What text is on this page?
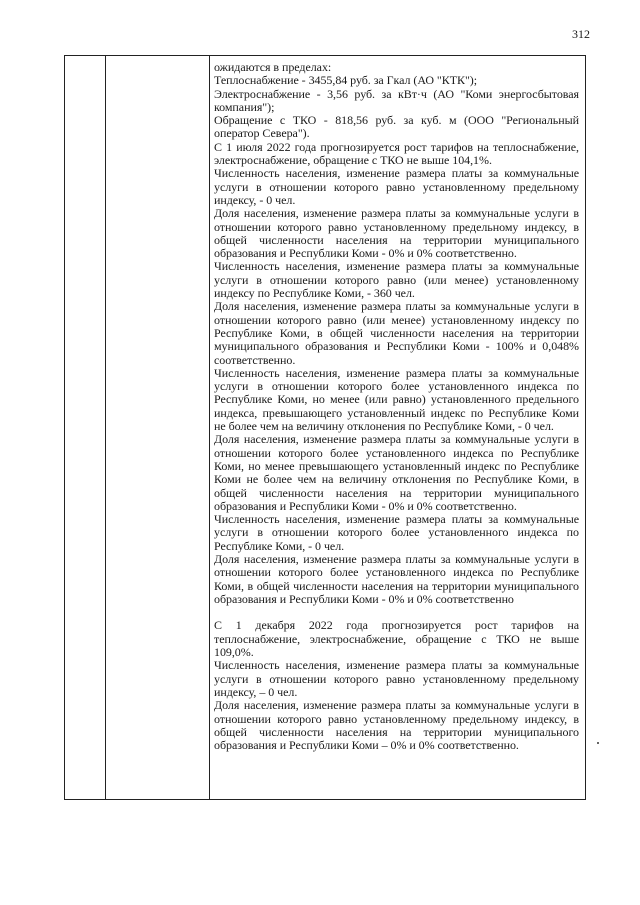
312

ожидаются в пределах:

Теплоснабжение - 3455,84 руб. за Гкал (АО "КТК");

Электроснабжение - 3,56 руб. за кВт·ч (АО "Коми энергосбытовая компания");

Обращение с ТКО - 818,56 руб. за куб. м (ООО "Региональный оператор Севера").

С 1 июля 2022 года прогнозируется рост тарифов на теплоснабжение, электроснабжение, обращение с ТКО не выше 104,1%.

Численность населения, изменение размера платы за коммунальные услуги в отношении которого равно установленному предельному индексу, - 0 чел.

Доля населения, изменение размера платы за коммунальные услуги в отношении которого равно установленному предельному индексу, в общей численности населения на территории муниципального образования и Республики Коми - 0% и 0% соответственно.

Численность населения, изменение размера платы за коммунальные услуги в отношении которого равно (или менее) установленному индексу по Республике Коми, - 360 чел.

Доля населения, изменение размера платы за коммунальные услуги в отношении которого равно (или менее) установленному индексу по Республике Коми, в общей численности населения на территории муниципального образования и Республики Коми - 100% и 0,048% соответственно.

Численность населения, изменение размера платы за коммунальные услуги в отношении которого более установленного индекса по Республике Коми, но менее (или равно) установленного предельного индекса, превышающего установленный индекс по Республике Коми не более чем на величину отклонения по Республике Коми, - 0 чел.

Доля населения, изменение размера платы за коммунальные услуги в отношении которого более установленного индекса по Республике Коми, но менее превышающего установленный индекс по Республике Коми не более чем на величину отклонения по Республике Коми, в общей численности населения на территории муниципального образования и Республики Коми - 0% и 0% соответственно.

Численность населения, изменение размера платы за коммунальные услуги в отношении которого более установленного индекса по Республике Коми, - 0 чел.

Доля населения, изменение размера платы за коммунальные услуги в отношении которого более установленного индекса по Республике Коми, в общей численности населения на территории муниципального образования и Республики Коми - 0% и 0% соответственно

С 1 декабря 2022 года прогнозируется рост тарифов на теплоснабжение, электроснабжение, обращение с ТКО не выше 109,0%.

Численность населения, изменение размера платы за коммунальные услуги в отношении которого равно установленному предельному индексу, – 0 чел.

Доля населения, изменение размера платы за коммунальные услуги в отношении которого равно установленному предельному индексу, в общей численности населения на территории муниципального образования и Республики Коми – 0% и 0% соответственно.
